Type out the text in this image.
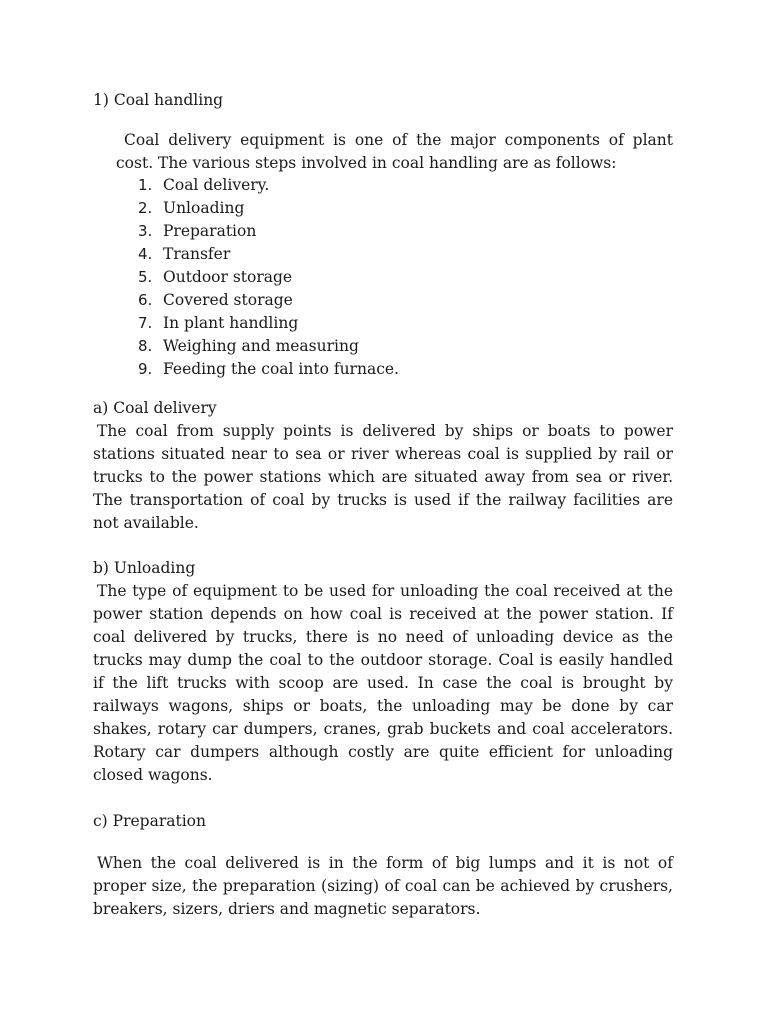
1) Coal handling

Coal delivery equipment is one of the major components of plant cost. The various steps involved in coal handling are as follows:

1. Coal delivery.
2. Unloading
3. Preparation
4. Transfer
5. Outdoor storage
6. Covered storage
7. In plant handling
8. Weighing and measuring
9. Feeding the coal into furnace.
a) Coal delivery

The coal from supply points is delivered by ships or boats to power stations situated near to sea or river whereas coal is supplied by rail or trucks to the power stations which are situated away from sea or river. The transportation of coal by trucks is used if the railway facilities are not available.

b) Unloading

The type of equipment to be used for unloading the coal received at the power station depends on how coal is received at the power station. If coal delivered by trucks, there is no need of unloading device as the trucks may dump the coal to the outdoor storage. Coal is easily handled if the lift trucks with scoop are used. In case the coal is brought by railways wagons, ships or boats, the unloading may be done by car shakes, rotary car dumpers, cranes, grab buckets and coal accelerators. Rotary car dumpers although costly are quite efficient for unloading closed wagons.

c) Preparation

When the coal delivered is in the form of big lumps and it is not of proper size, the preparation (sizing) of coal can be achieved by crushers, breakers, sizers, driers and magnetic separators.
